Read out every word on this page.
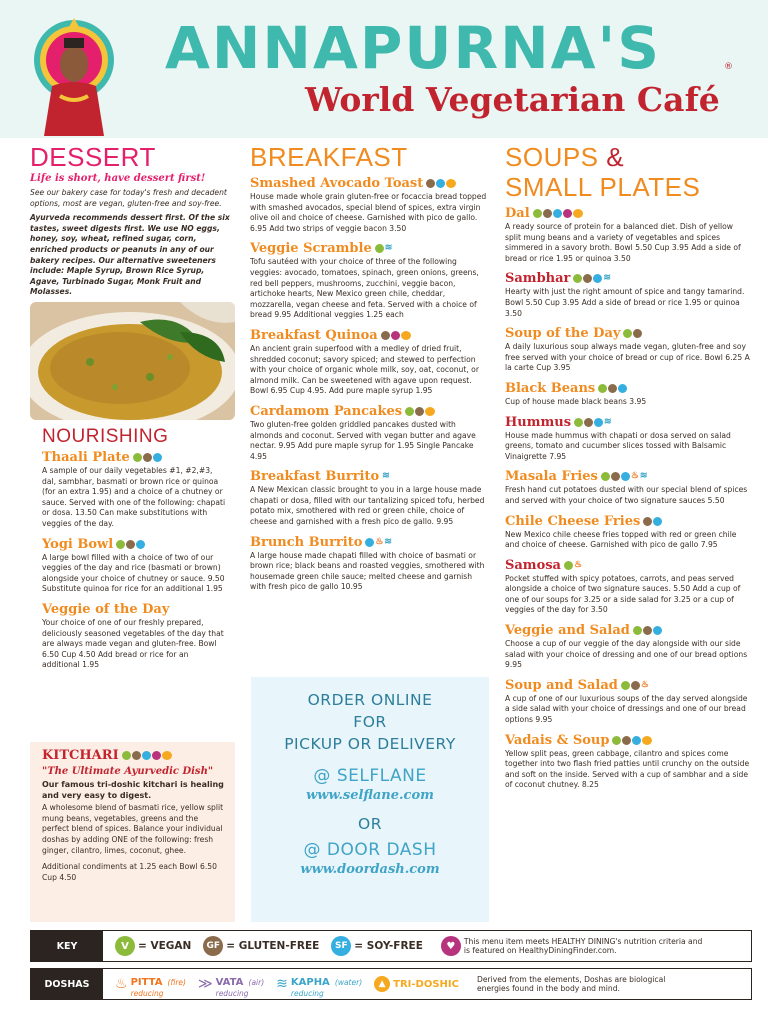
ANNAPURNA'S	®
World Vegetarian Café
DESSERT
Life is short, have dessert first!
See our bakery case for today's fresh and decadent options, most are vegan, gluten-free and soy-free.
Ayurveda recommends dessert first. Of the six tastes, sweet digests first. We use NO eggs, honey, soy, wheat, refined sugar, corn, enriched products or peanuts in any of our bakery recipes. Our alternative sweeteners include: Maple Syrup, Brown Rice Syrup, Agave, Turbinado Sugar, Monk Fruit and Molasses.
NOURISHING
Thaali Plate
A sample of our daily vegetables #1, #2,#3, dal, sambhar, basmati or brown rice or quinoa (for an extra 1.95) and a choice of a chutney or sauce. Served with one of the following: chapati or dosa. 13.50 Can make substitutions with veggies of the day.
Yogi Bowl
A large bowl filled with a choice of two of our veggies of the day and rice (basmati or brown) alongside your choice of chutney or sauce. 9.50 Substitute quinoa for rice for an additional 1.95
Veggie of the Day
Your choice of one of our freshly prepared, deliciously seasoned vegetables of the day that are always made vegan and gluten-free. Bowl 6.50 Cup 4.50 Add bread or rice for an additional 1.95
KITCHARI
"The Ultimate Ayurvedic Dish"
Our famous tri-doshic kitchari is healing and very easy to digest.
A wholesome blend of basmati rice, yellow split mung beans, vegetables, greens and the perfect blend of spices. Balance your individual doshas by adding ONE of the following: fresh ginger, cilantro, limes, coconut, ghee.
Additional condiments at 1.25 each Bowl 6.50 Cup 4.50
BREAKFAST
Smashed Avocado Toast
House made whole grain gluten-free or focaccia bread topped with smashed avocados, special blend of spices, extra virgin olive oil and choice of cheese. Garnished with pico de gallo. 6.95 Add two strips of veggie bacon 3.50
Veggie Scramble ≋
Tofu sautéed with your choice of three of the following veggies: avocado, tomatoes, spinach, green onions, greens, red bell peppers, mushrooms, zucchini, veggie bacon, artichoke hearts, New Mexico green chile, cheddar, mozzarella, vegan cheese and feta. Served with a choice of bread 9.95 Additional veggies 1.25 each
Breakfast Quinoa
An ancient grain superfood with a medley of dried fruit, shredded coconut; savory spiced; and stewed to perfection with your choice of organic whole milk, soy, oat, coconut, or almond milk. Can be sweetened with agave upon request. Bowl 6.95 Cup 4.95. Add pure maple syrup 1.95
Cardamom Pancakes
Two gluten-free golden griddled pancakes dusted with almonds and coconut. Served with vegan butter and agave nectar. 9.95 Add pure maple syrup for 1.95 Single Pancake 4.95
Breakfast Burrito ≋
A New Mexican classic brought to you in a large house made chapati or dosa, filled with our tantalizing spiced tofu, herbed potato mix, smothered with red or green chile, choice of cheese and garnished with a fresh pico de gallo. 9.95
Brunch Burrito ♨ ≋
A large house made chapati filled with choice of basmati or brown rice; black beans and roasted veggies, smothered with housemade green chile sauce; melted cheese and garnish with fresh pico de gallo 10.95
ORDER ONLINE
FOR
PICKUP OR DELIVERY
@ SELFLANE
www.selflane.com
OR
@ DOOR DASH
www.doordash.com
SOUPS &
SMALL PLATES
Dal
A ready source of protein for a balanced diet. Dish of yellow split mung beans and a variety of vegetables and spices simmered in a savory broth. Bowl 5.50 Cup 3.95 Add a side of bread or rice 1.95 or quinoa 3.50
Sambhar	≋
Hearty with just the right amount of spice and tangy tamarind. Bowl 5.50 Cup 3.95 Add a side of bread or rice 1.95 or quinoa 3.50
Soup of the Day
A daily luxurious soup always made vegan, gluten-free and soy free served with your choice of bread or cup of rice. Bowl 6.25 A la carte Cup 3.95
Black Beans
Cup of house made black beans 3.95
Hummus	≋
House made hummus with chapati or dosa served on salad greens, tomato and cucumber slices tossed with Balsamic Vinaigrette 7.95
Masala Fries	♨ ≋
Fresh hand cut potatoes dusted with our special blend of spices and served with your choice of two signature sauces 5.50
Chile Cheese Fries
New Mexico chile cheese fries topped with red or green chile and choice of cheese. Garnished with pico de gallo 7.95
Samosa ♨
Pocket stuffed with spicy potatoes, carrots, and peas served alongside a choice of two signature sauces. 5.50 Add a cup of one of our soups for 3.25 or a side salad for 3.25 or a cup of veggies of the day for 3.50
Veggie and Salad
Choose a cup of our veggie of the day alongside with our side salad with your choice of dressing and one of our bread options 9.95
Soup and Salad	♨
A cup of one of our luxurious soups of the day served alongside a side salad with your choice of dressings and one of our bread options 9.95
Vadais & Soup
Yellow split peas, green cabbage, cilantro and spices come together into two flash fried patties until crunchy on the outside and soft on the inside. Served with a cup of sambhar and a side of coconut chutney. 8.25
KEY	V = VEGAN	GF = GLUTEN-FREE	SF = SOY-FREE	♥	This menu item meets HEALTHY DINING's nutrition criteria and is featured on HealthyDiningFinder.com.
DOSHAS	♨ PITTA (fire)
reducing
≫ VATA (air)
reducing
≋ KAPHA (water)
reducing
▲ TRI-DOSHIC Derived from the elements, Doshas are biological energies found in the body and mind.
